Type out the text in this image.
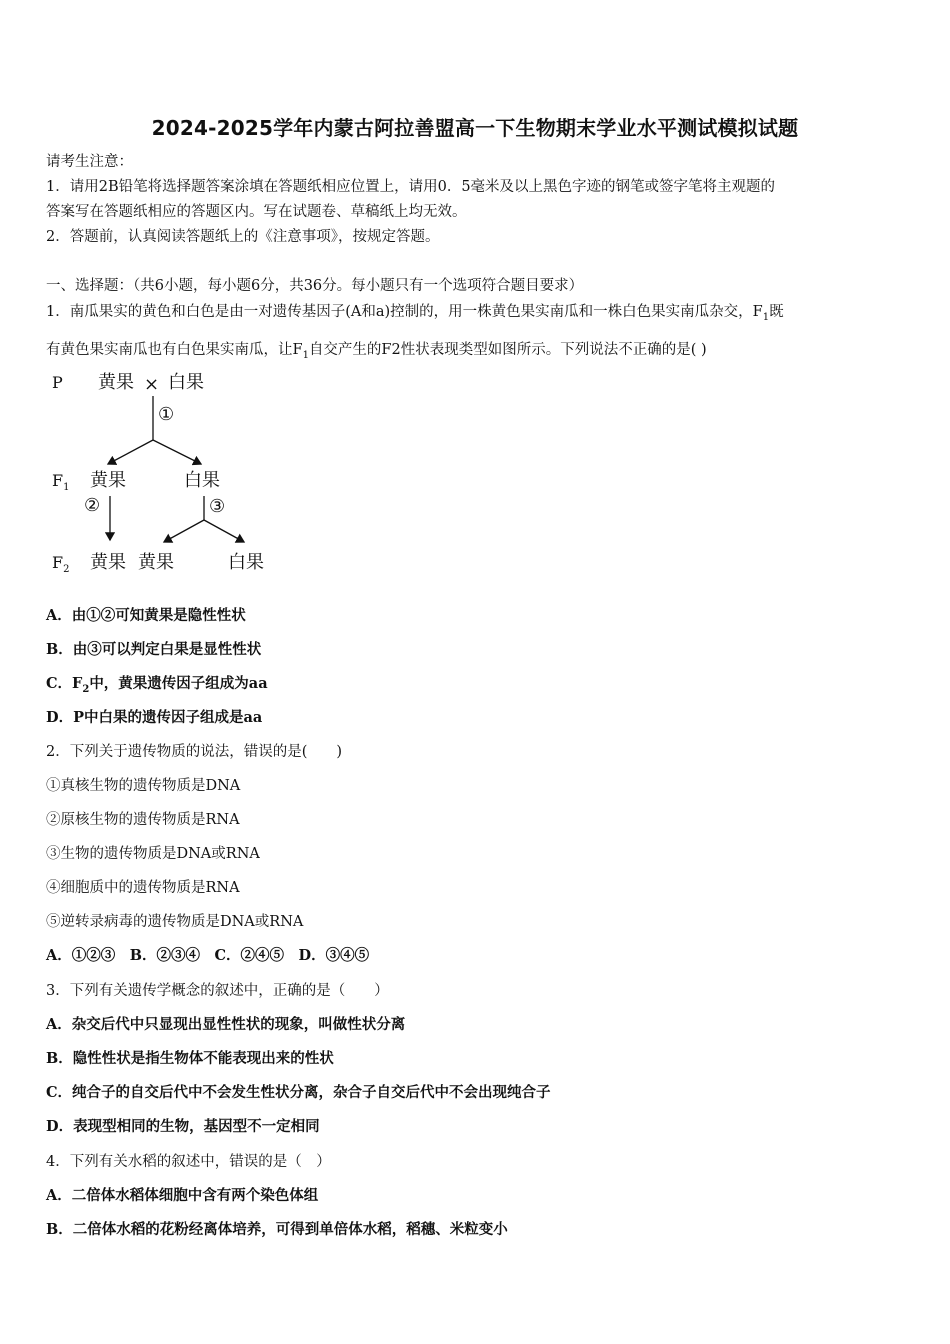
2024-2025学年内蒙古阿拉善盟高一下生物期末学业水平测试模拟试题
请考生注意：
1．请用2B铅笔将选择题答案涂填在答题纸相应位置上，请用0．5毫米及以上黑色字迹的钢笔或签字笔将主观题的
答案写在答题纸相应的答题区内。写在试题卷、草稿纸上均无效。
2．答题前，认真阅读答题纸上的《注意事项》，按规定答题。
一、选择题：（共6小题，每小题6分，共36分。每小题只有一个选项符合题目要求）
1．南瓜果实的黄色和白色是由一对遗传基因子(A和a)控制的，用一株黄色果实南瓜和一株白色果实南瓜杂交，$F_1$既
有黄色果实南瓜也有白色果实南瓜，让$F_1$自交产生的F2性状表现类型如图所示。下列说法不正确的是( )
P 黄果 × 白果
①
$F_1$ 黄果	白果
②	③
$F_2$ 黄果 黄果	白果
A．由①②可知黄果是隐性性状
B．由③可以判定白果是显性性状
C．$F_2$中，黄果遗传因子组成为aa
D．P中白果的遗传因子组成是aa
2．下列关于遗传物质的说法，错误的是(　　)
①真核生物的遗传物质是DNA
②原核生物的遗传物质是RNA
③生物的遗传物质是DNA或RNA
④细胞质中的遗传物质是RNA
⑤逆转录病毒的遗传物质是DNA或RNA
A．①②③　B．②③④　C．②④⑤　D．③④⑤
3．下列有关遗传学概念的叙述中，正确的是（　　）
A．杂交后代中只显现出显性性状的现象，叫做性状分离
B．隐性性状是指生物体不能表现出来的性状
C．纯合子的自交后代中不会发生性状分离，杂合子自交后代中不会出现纯合子
D．表现型相同的生物，基因型不一定相同
4．下列有关水稻的叙述中，错误的是（　）
A．二倍体水稻体细胞中含有两个染色体组
B．二倍体水稻的花粉经离体培养，可得到单倍体水稻，稻穗、米粒变小
